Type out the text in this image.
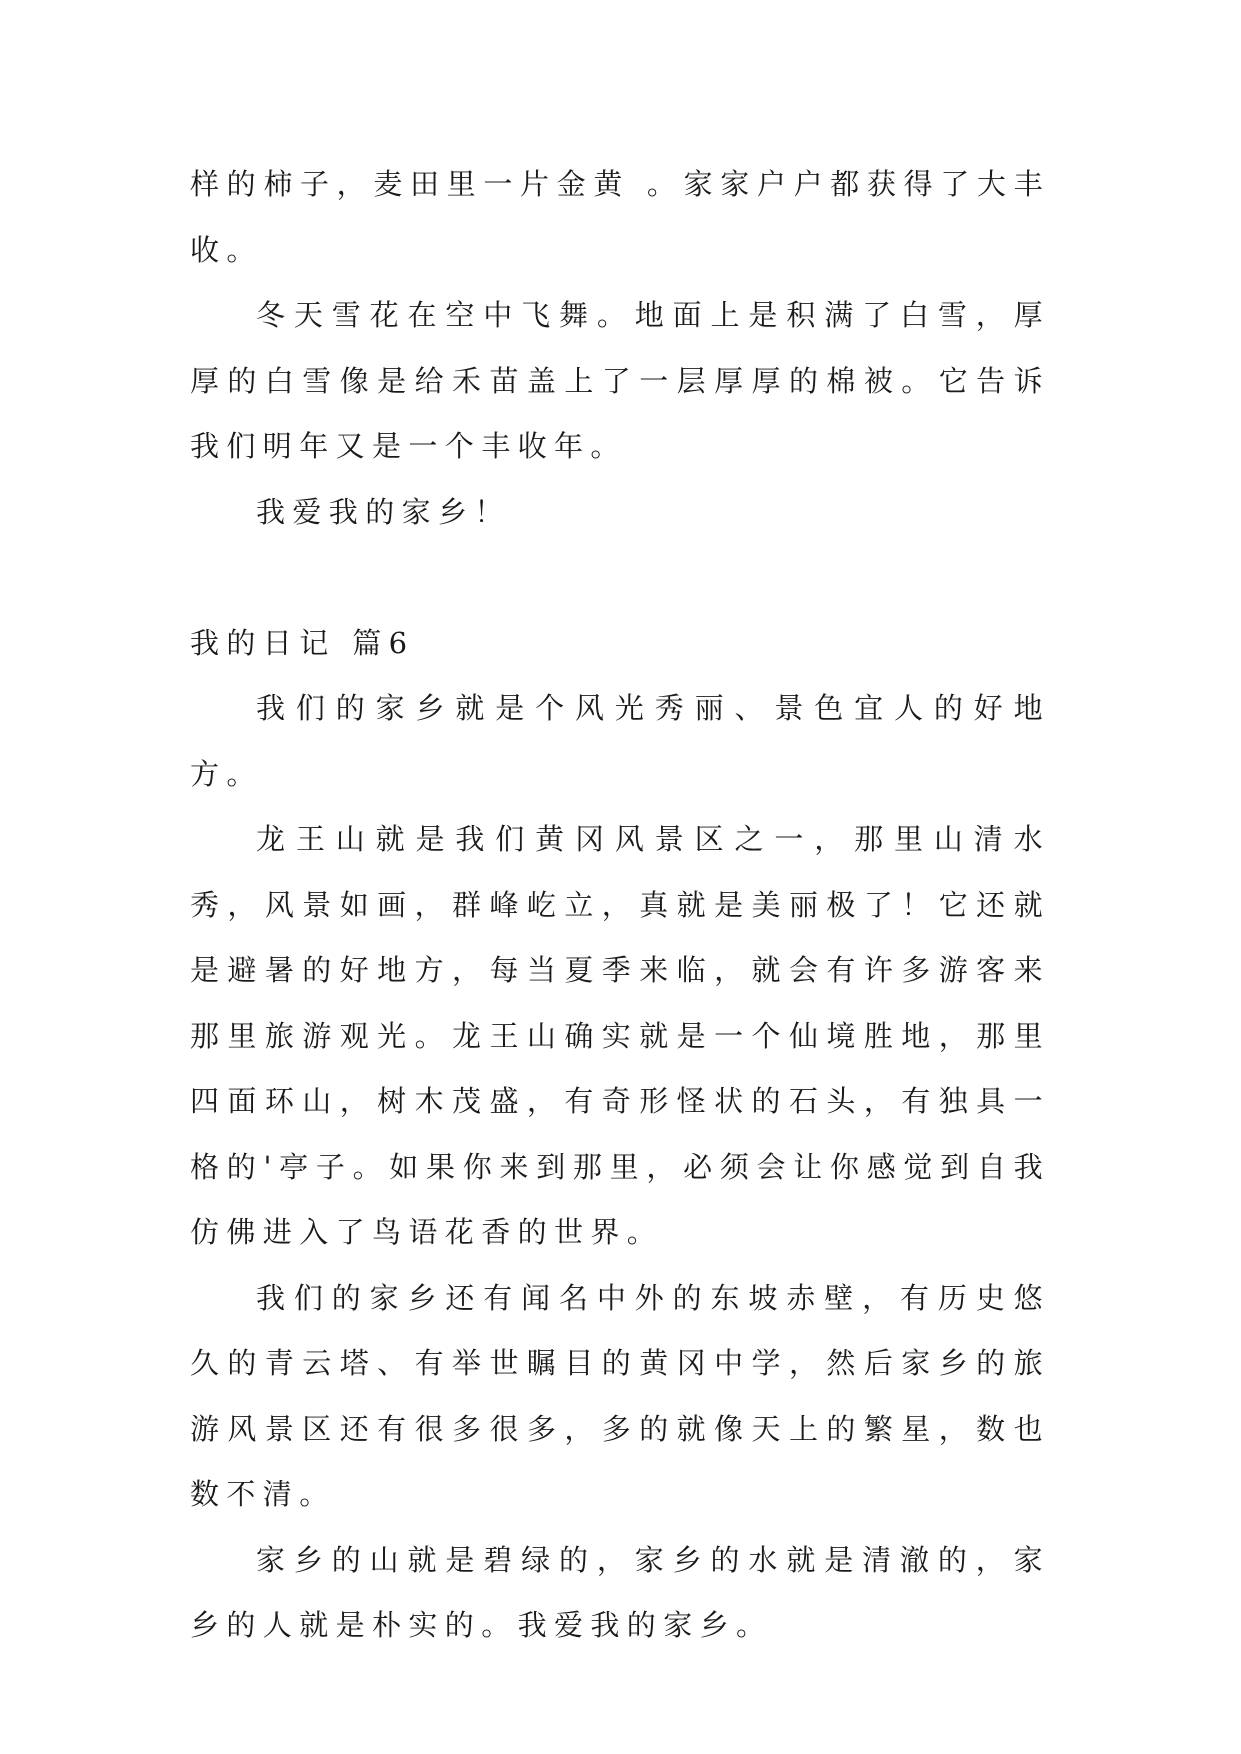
样的柿子，麦田里一片金黄 。家家户户都获得了大丰收。

冬天雪花在空中飞舞。地面上是积满了白雪，厚厚的白雪像是给禾苗盖上了一层厚厚的棉被。它告诉我们明年又是一个丰收年。

我爱我的家乡！

我的日记 篇6

我们的家乡就是个风光秀丽、景色宜人的好地方。

龙王山就是我们黄冈风景区之一，那里山清水秀，风景如画，群峰屹立，真就是美丽极了！它还就是避暑的好地方，每当夏季来临，就会有许多游客来那里旅游观光。龙王山确实就是一个仙境胜地，那里四面环山，树木茂盛，有奇形怪状的石头，有独具一格的'亭子。如果你来到那里，必须会让你感觉到自我仿佛进入了鸟语花香的世界。

我们的家乡还有闻名中外的东坡赤壁，有历史悠久的青云塔、有举世瞩目的黄冈中学，然后家乡的旅游风景区还有很多很多，多的就像天上的繁星，数也数不清。

家乡的山就是碧绿的，家乡的水就是清澈的，家乡的人就是朴实的。我爱我的家乡。
